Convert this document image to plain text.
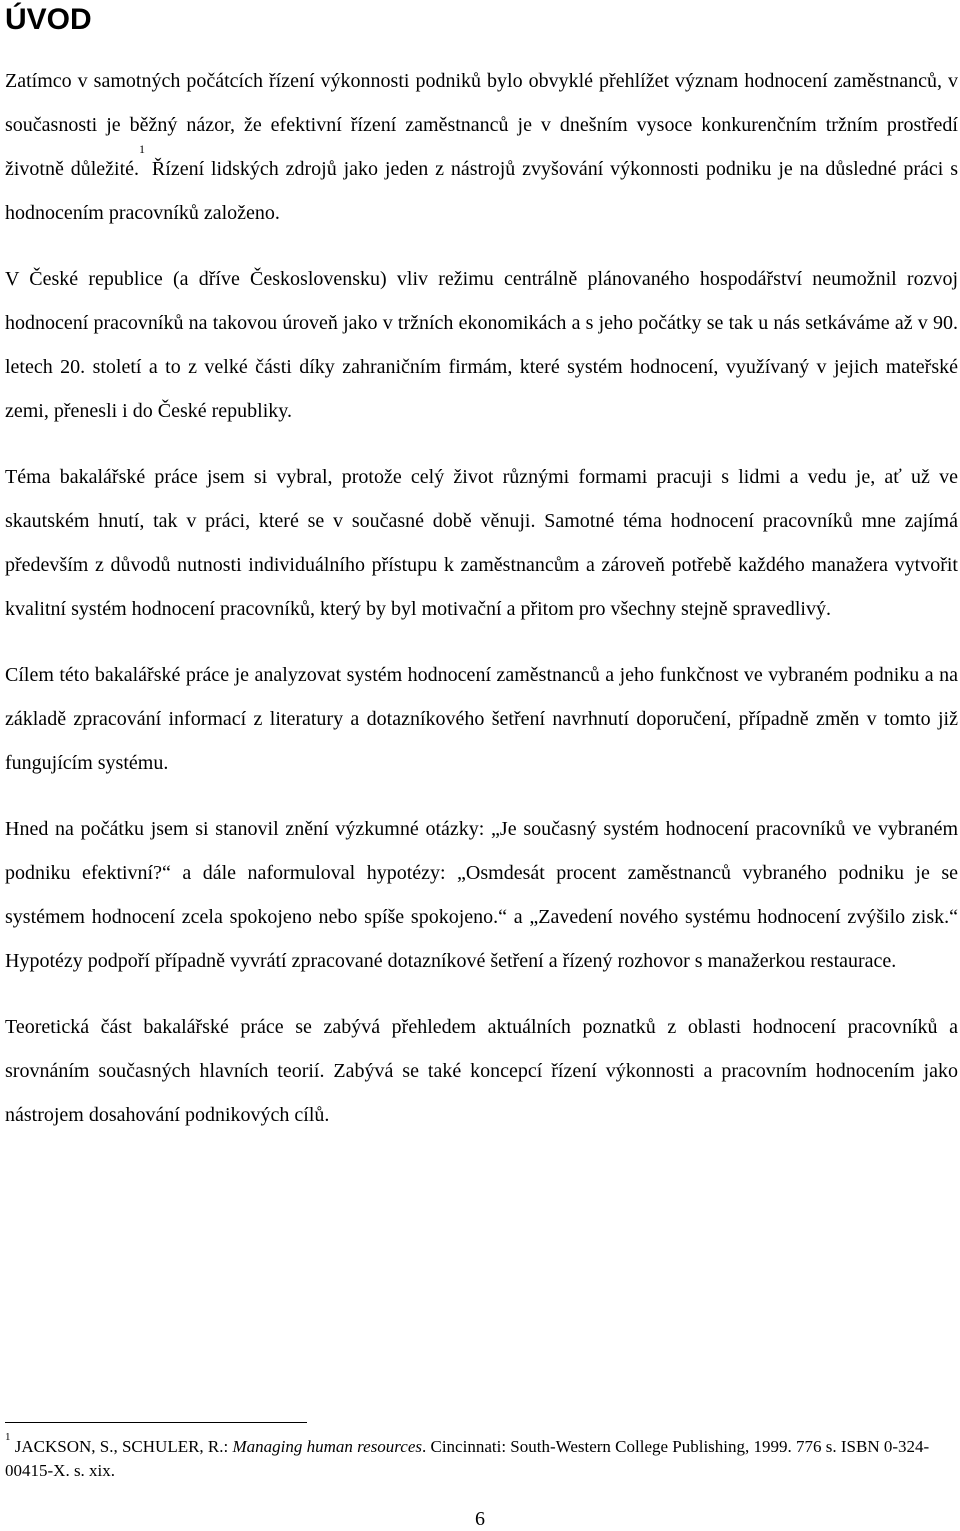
ÚVOD

Zatímco v samotných počátcích řízení výkonnosti podniků bylo obvyklé přehlížet význam hodnocení zaměstnanců, v současnosti je běžný názor, že efektivní řízení zaměstnanců je v dnešním vysoce konkurenčním tržním prostředí životně důležité.$^1$ Řízení lidských zdrojů jako jeden z nástrojů zvyšování výkonnosti podniku je na důsledné práci s hodnocením pracovníků založeno.

V České republice (a dříve Československu) vliv režimu centrálně plánovaného hospodářství neumožnil rozvoj hodnocení pracovníků na takovou úroveň jako v tržních ekonomikách a s jeho počátky se tak u nás setkáváme až v 90. letech 20. století a to z velké části díky zahraničním firmám, které systém hodnocení, využívaný v jejich mateřské zemi, přenesli i do České republiky.

Téma bakalářské práce jsem si vybral, protože celý život různými formami pracuji s lidmi a vedu je, ať už ve skautském hnutí, tak v práci, které se v současné době věnuji. Samotné téma hodnocení pracovníků mne zajímá především z důvodů nutnosti individuálního přístupu k zaměstnancům a zároveň potřebě každého manažera vytvořit kvalitní systém hodnocení pracovníků, který by byl motivační a přitom pro všechny stejně spravedlivý.

Cílem této bakalářské práce je analyzovat systém hodnocení zaměstnanců a jeho funkčnost ve vybraném podniku a na základě zpracování informací z literatury a dotazníkového šetření navrhnutí doporučení, případně změn v tomto již fungujícím systému.

Hned na počátku jsem si stanovil znění výzkumné otázky: „Je současný systém hodnocení pracovníků ve vybraném podniku efektivní?“ a dále naformuloval hypotézy: „Osmdesát procent zaměstnanců vybraného podniku je se systémem hodnocení zcela spokojeno nebo spíše spokojeno.“ a „Zavedení nového systému hodnocení zvýšilo zisk.“ Hypotézy podpoří případně vyvrátí zpracované dotazníkové šetření a řízený rozhovor s manažerkou restaurace.

Teoretická část bakalářské práce se zabývá přehledem aktuálních poznatků z oblasti hodnocení pracovníků a srovnáním současných hlavních teorií. Zabývá se také koncepcí řízení výkonnosti a pracovním hodnocením jako nástrojem dosahování podnikových cílů.

$^1$ JACKSON, S., SCHULER, R.: Managing human resources. Cincinnati: South-Western College Publishing, 1999. 776 s. ISBN 0-324-00415-X. s. xix.
6
